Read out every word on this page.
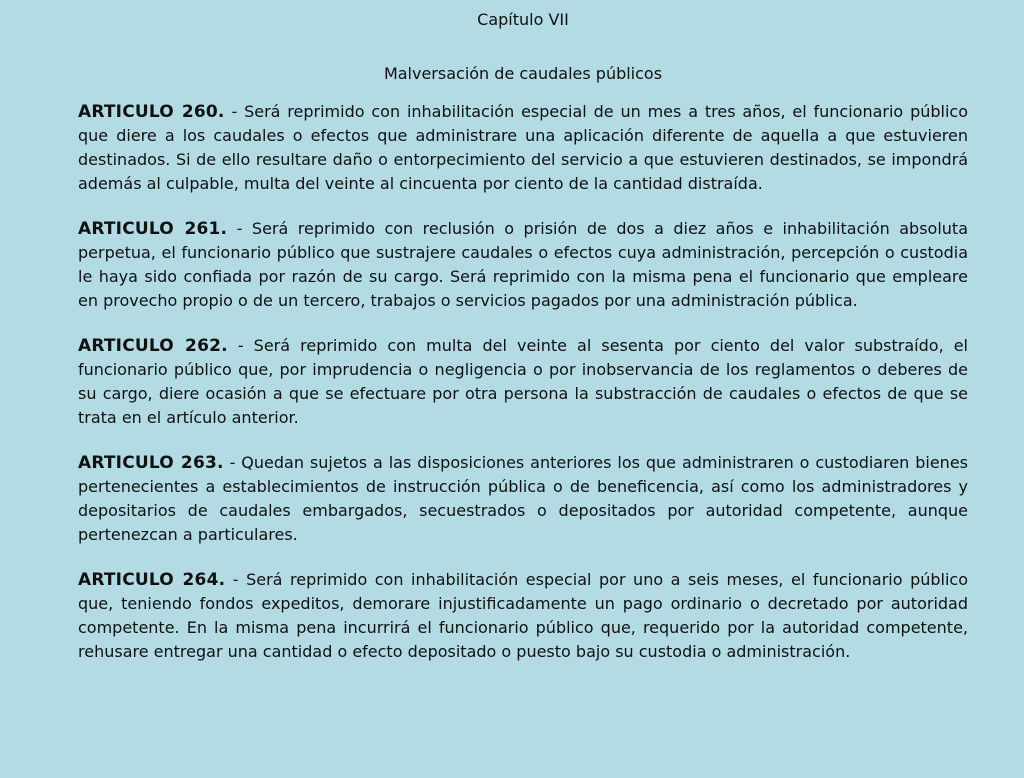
Capítulo VII
Malversación de caudales públicos

ARTICULO 260. - Será reprimido con inhabilitación especial de un mes a tres años, el funcionario público que diere a los caudales o efectos que administrare una aplicación diferente de aquella a que estuvieren destinados. Si de ello resultare daño o entorpecimiento del servicio a que estuvieren destinados, se impondrá además al culpable, multa del veinte al cincuenta por ciento de la cantidad distraída.

ARTICULO 261. - Será reprimido con reclusión o prisión de dos a diez años e inhabilitación absoluta perpetua, el funcionario público que sustrajere caudales o efectos cuya administración, percepción o custodia le haya sido confiada por razón de su cargo. Será reprimido con la misma pena el funcionario que empleare en provecho propio o de un tercero, trabajos o servicios pagados por una administración pública.

ARTICULO 262. - Será reprimido con multa del veinte al sesenta por ciento del valor substraído, el funcionario público que, por imprudencia o negligencia o por inobservancia de los reglamentos o deberes de su cargo, diere ocasión a que se efectuare por otra persona la substracción de caudales o efectos de que se trata en el artículo anterior.

ARTICULO 263. - Quedan sujetos a las disposiciones anteriores los que administraren o custodiaren bienes pertenecientes a establecimientos de instrucción pública o de beneficencia, así como los administradores y depositarios de caudales embargados, secuestrados o depositados por autoridad competente, aunque pertenezcan a particulares.

ARTICULO 264. - Será reprimido con inhabilitación especial por uno a seis meses, el funcionario público que, teniendo fondos expeditos, demorare injustificadamente un pago ordinario o decretado por autoridad competente. En la misma pena incurrirá el funcionario público que, requerido por la autoridad competente, rehusare entregar una cantidad o efecto depositado o puesto bajo su custodia o administración.
